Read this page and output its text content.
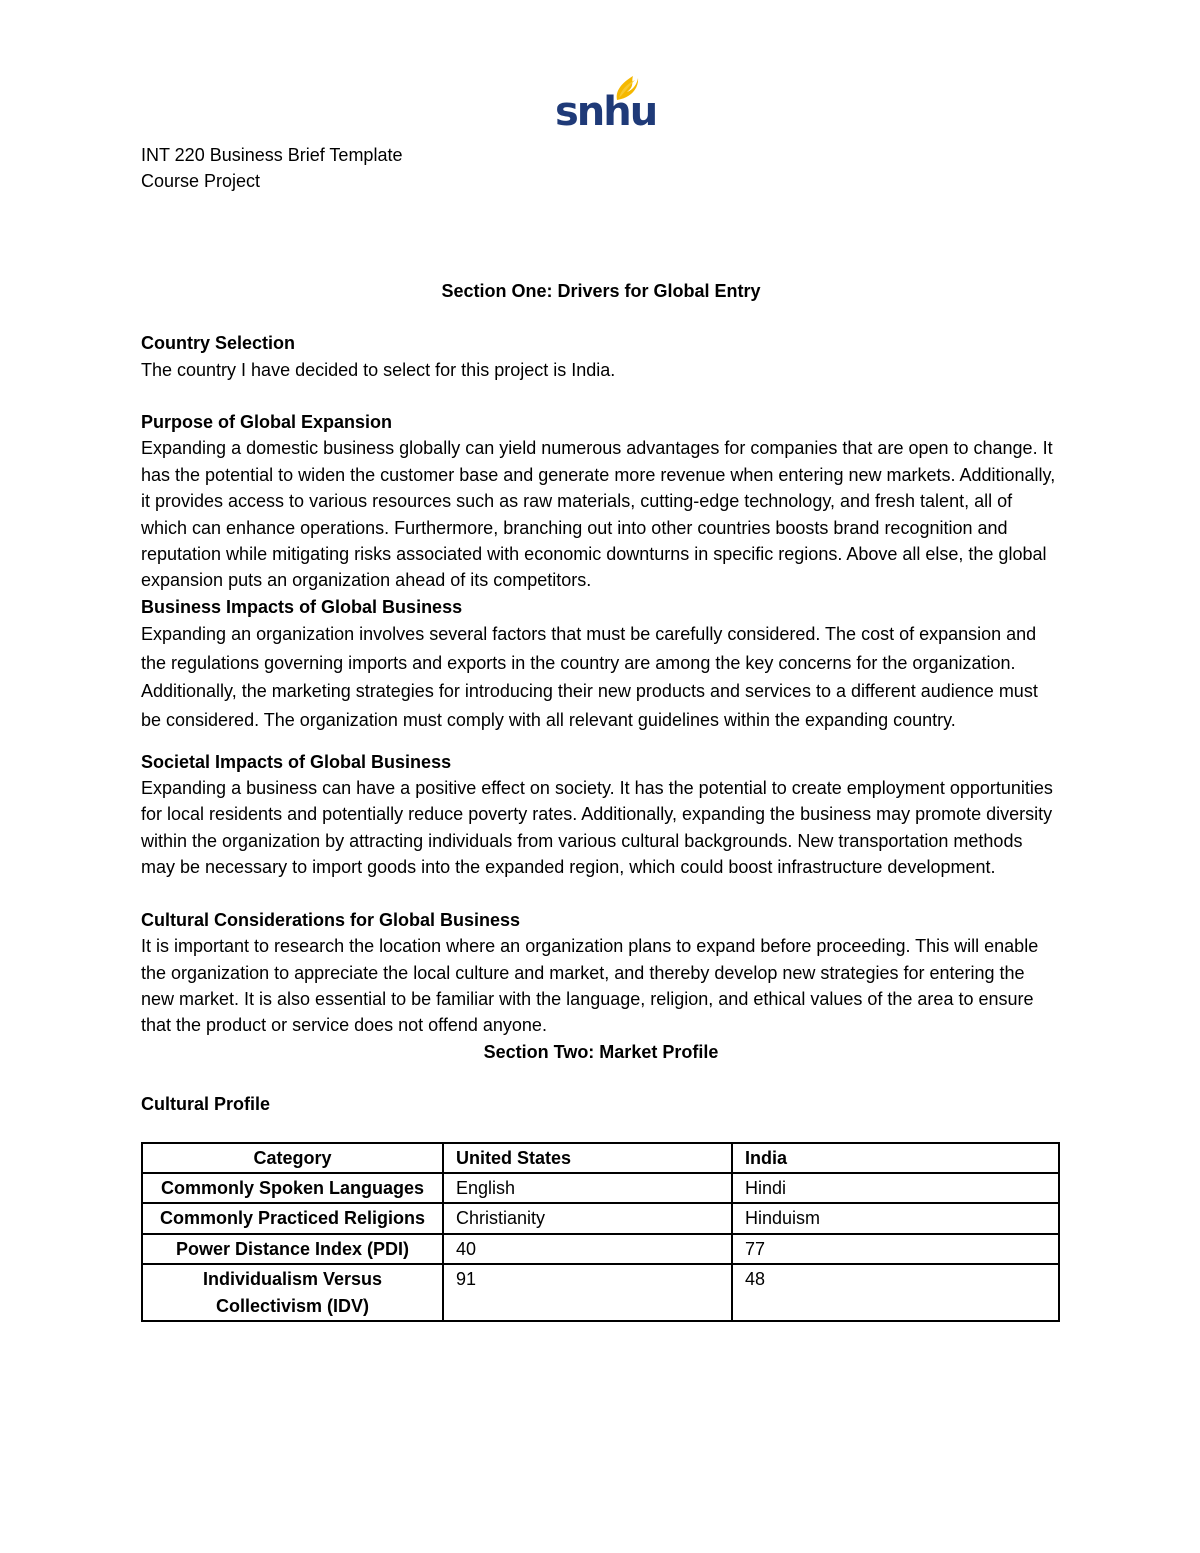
snhu

INT 220 Business Brief Template

Course Project

Section One: Drivers for Global Entry

Country Selection

The country I have decided to select for this project is India.

Purpose of Global Expansion

Expanding a domestic business globally can yield numerous advantages for companies that are open to change. It has the potential to widen the customer base and generate more revenue when entering new markets. Additionally, it provides access to various resources such as raw materials, cutting-edge technology, and fresh talent, all of which can enhance operations. Furthermore, branching out into other countries boosts brand recognition and reputation while mitigating risks associated with economic downturns in specific regions. Above all else, the global expansion puts an organization ahead of its competitors.

Business Impacts of Global Business

Expanding an organization involves several factors that must be carefully considered. The cost of expansion and the regulations governing imports and exports in the country are among the key concerns for the organization. Additionally, the marketing strategies for introducing their new products and services to a different audience must be considered. The organization must comply with all relevant guidelines within the expanding country.

Societal Impacts of Global Business

Expanding a business can have a positive effect on society. It has the potential to create employment opportunities for local residents and potentially reduce poverty rates. Additionally, expanding the business may promote diversity within the organization by attracting individuals from various cultural backgrounds. New transportation methods may be necessary to import goods into the expanded region, which could boost infrastructure development.

Cultural Considerations for Global Business

It is important to research the location where an organization plans to expand before proceeding. This will enable the organization to appreciate the local culture and market, and thereby develop new strategies for entering the new market. It is also essential to be familiar with the language, religion, and ethical values of the area to ensure that the product or service does not offend anyone.

Section Two: Market Profile

Cultural Profile

Category	United States	India
Commonly Spoken Languages	English	Hindi
Commonly Practiced Religions	Christianity	Hinduism
Power Distance Index (PDI)	40	77
Individualism Versus Collectivism (IDV)	91	48
